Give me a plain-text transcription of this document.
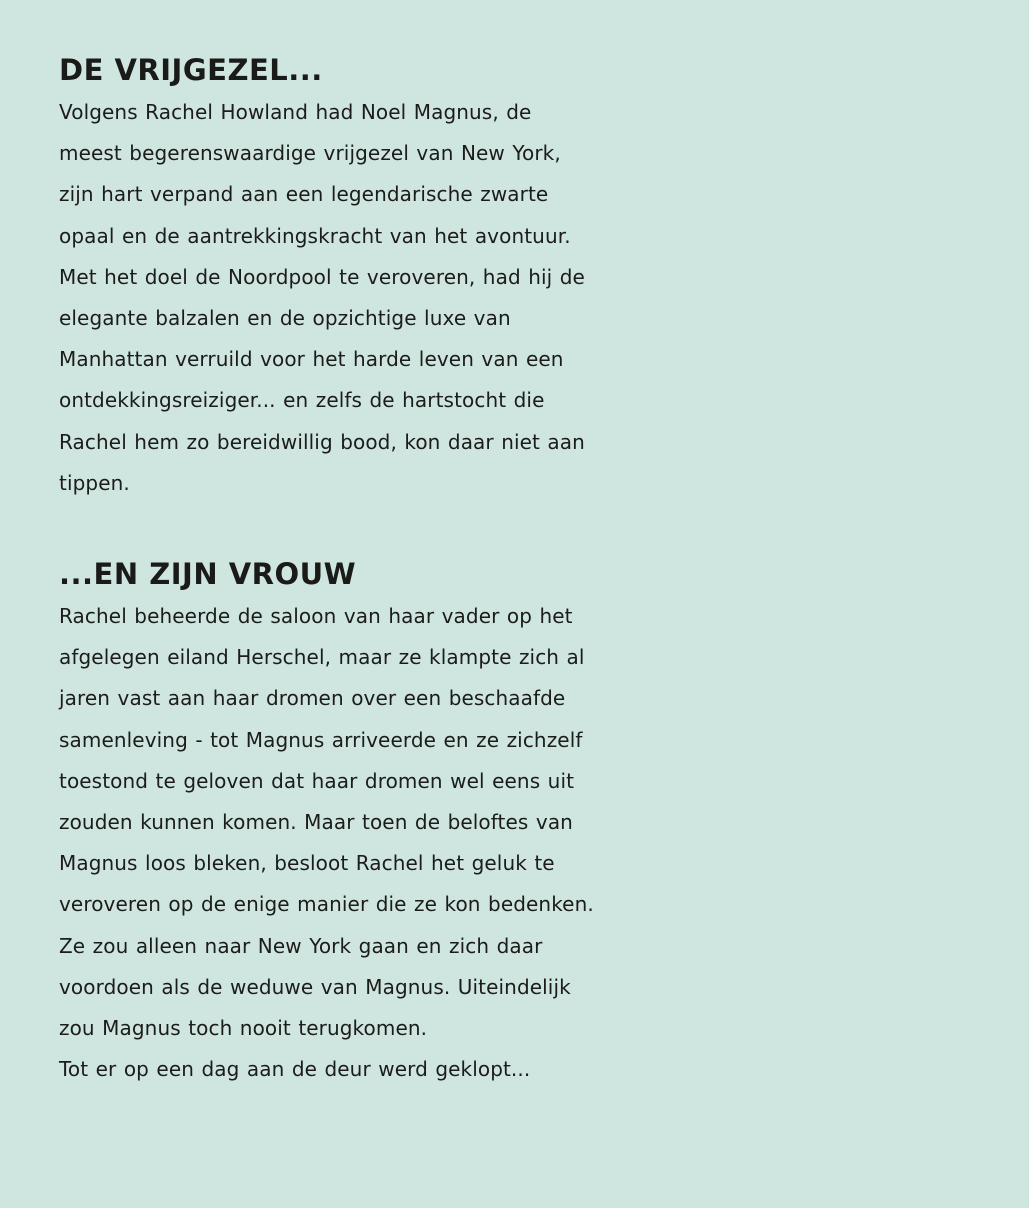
DE VRIJGEZEL...
Volgens Rachel Howland had Noel Magnus, de
meest begerenswaardige vrijgezel van New York,
zijn hart verpand aan een legendarische zwarte
opaal en de aantrekkingskracht van het avontuur.
Met het doel de Noordpool te veroveren, had hij de
elegante balzalen en de opzichtige luxe van
Manhattan verruild voor het harde leven van een
ontdekkingsreiziger... en zelfs de hartstocht die
Rachel hem zo bereidwillig bood, kon daar niet aan
tippen.
...EN ZIJN VROUW
Rachel beheerde de saloon van haar vader op het
afgelegen eiland Herschel, maar ze klampte zich al
jaren vast aan haar dromen over een beschaafde
samenleving - tot Magnus arriveerde en ze zichzelf
toestond te geloven dat haar dromen wel eens uit
zouden kunnen komen. Maar toen de beloftes van
Magnus loos bleken, besloot Rachel het geluk te
veroveren op de enige manier die ze kon bedenken.
Ze zou alleen naar New York gaan en zich daar
voordoen als de weduwe van Magnus. Uiteindelijk
zou Magnus toch nooit terugkomen.
Tot er op een dag aan de deur werd geklopt...
